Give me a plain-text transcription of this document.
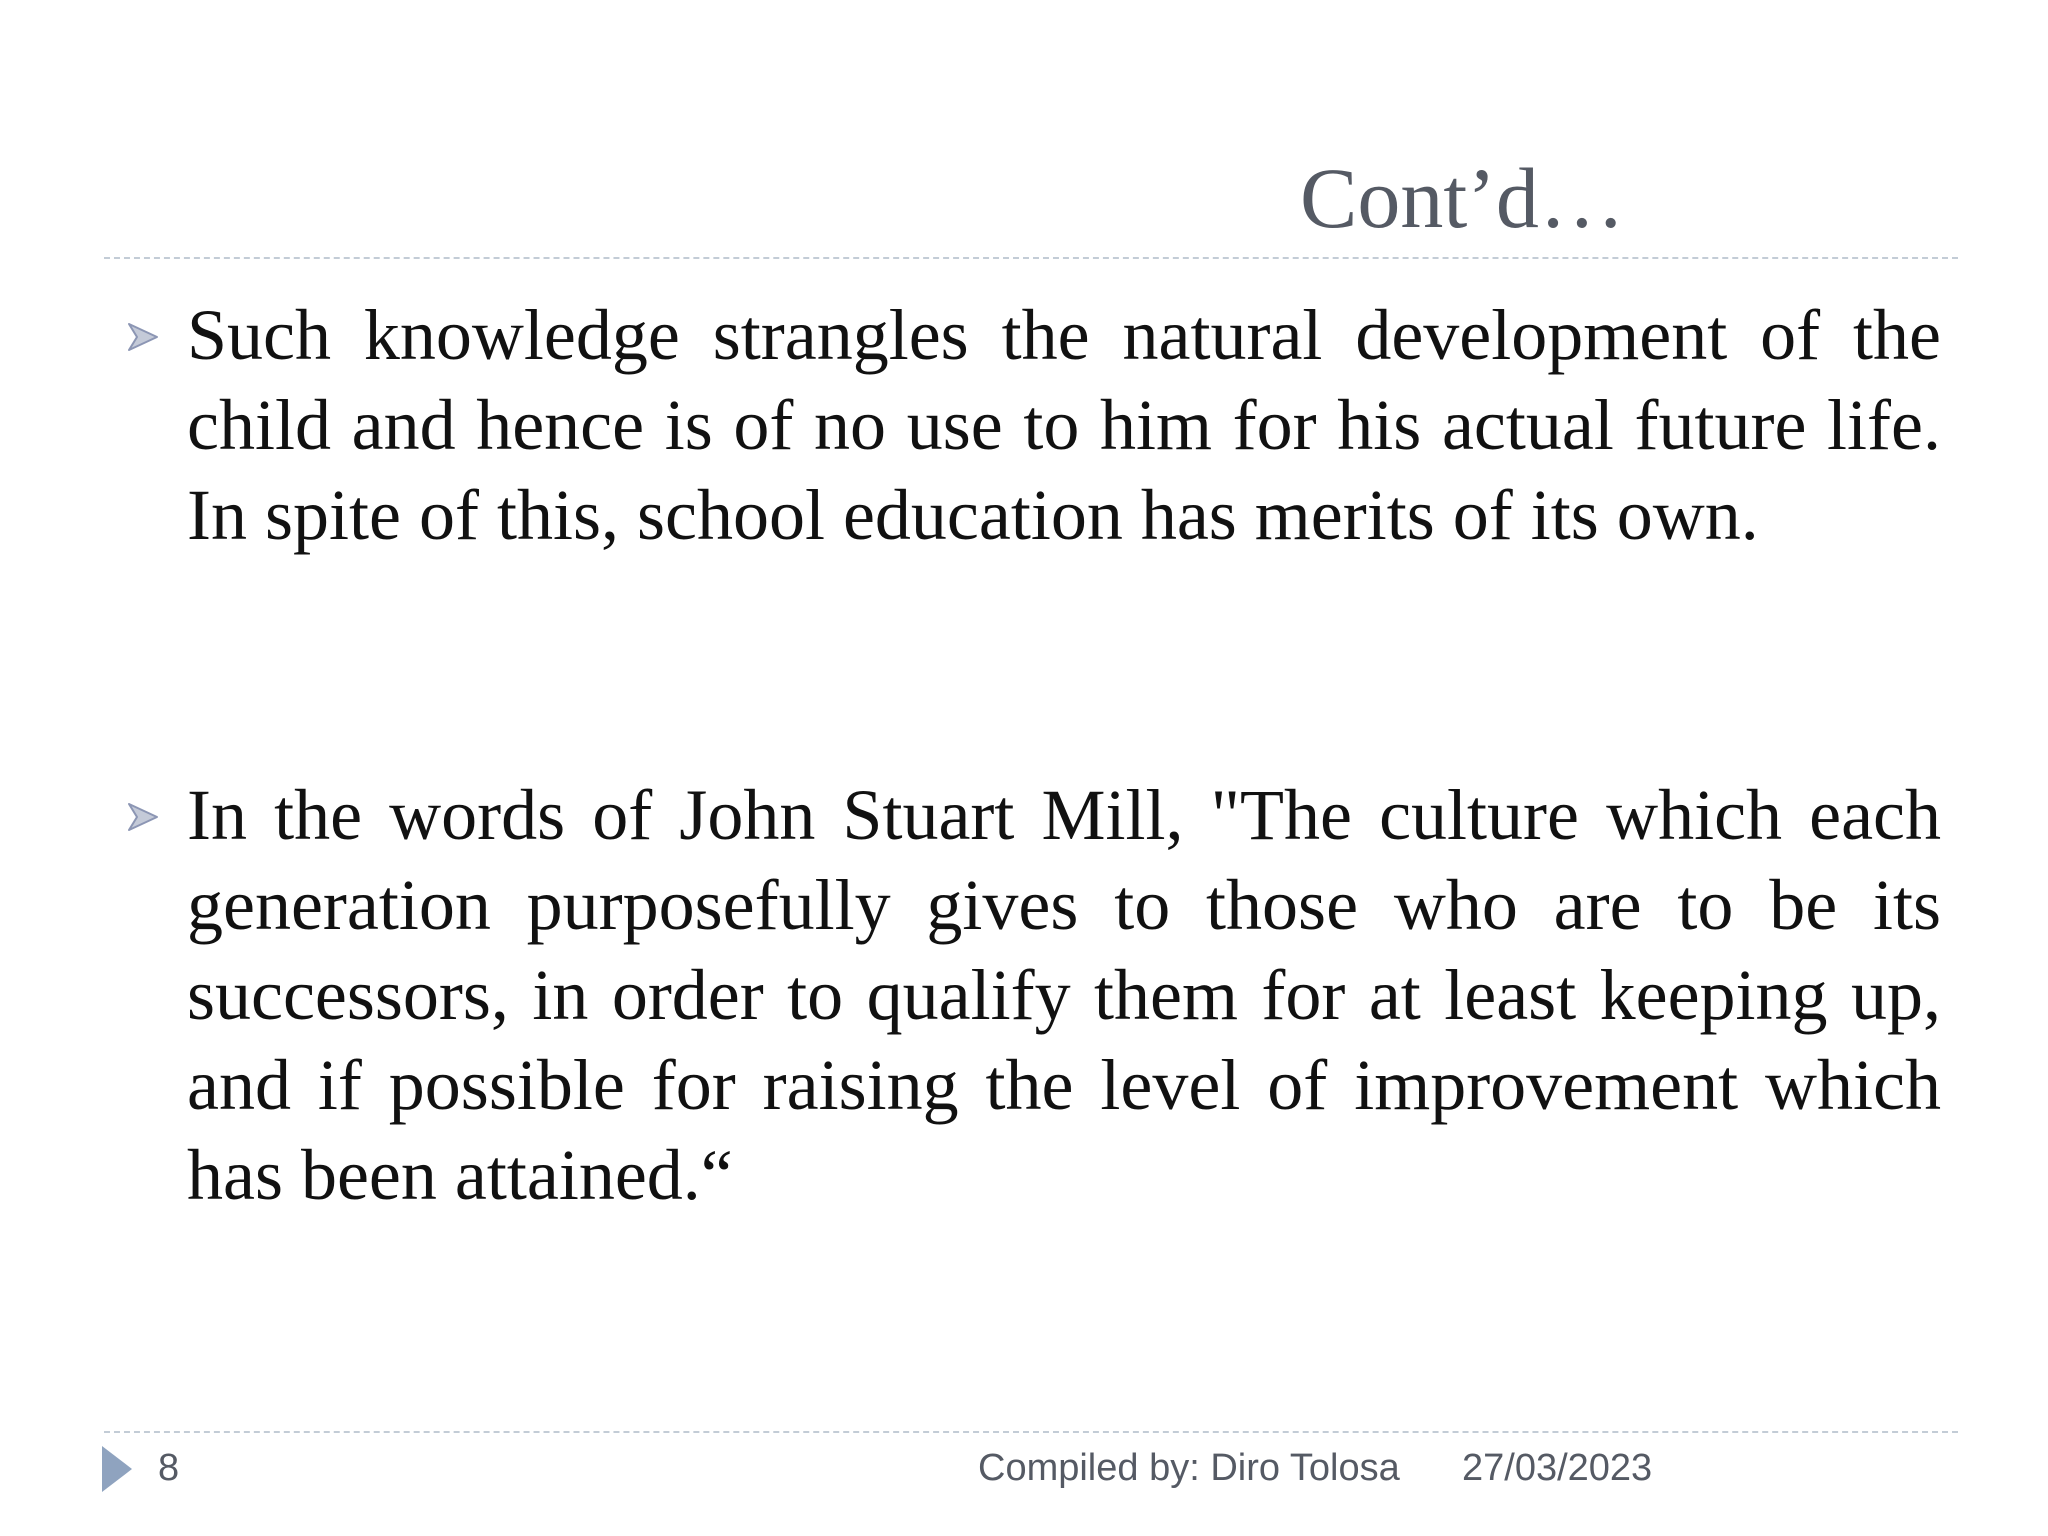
Cont’d…

Such knowledge strangles the natural development of the child and hence is of no use to him for his actual future life. In spite of this, school education has merits of its own.

In the words of John Stuart Mill, "The culture which each generation purposefully gives to those who are to be its successors, in order to qualify them for at least keeping up, and if possible for raising the level of improvement which has been attained.“

8	Compiled by: Diro Tolosa 27/03/2023
